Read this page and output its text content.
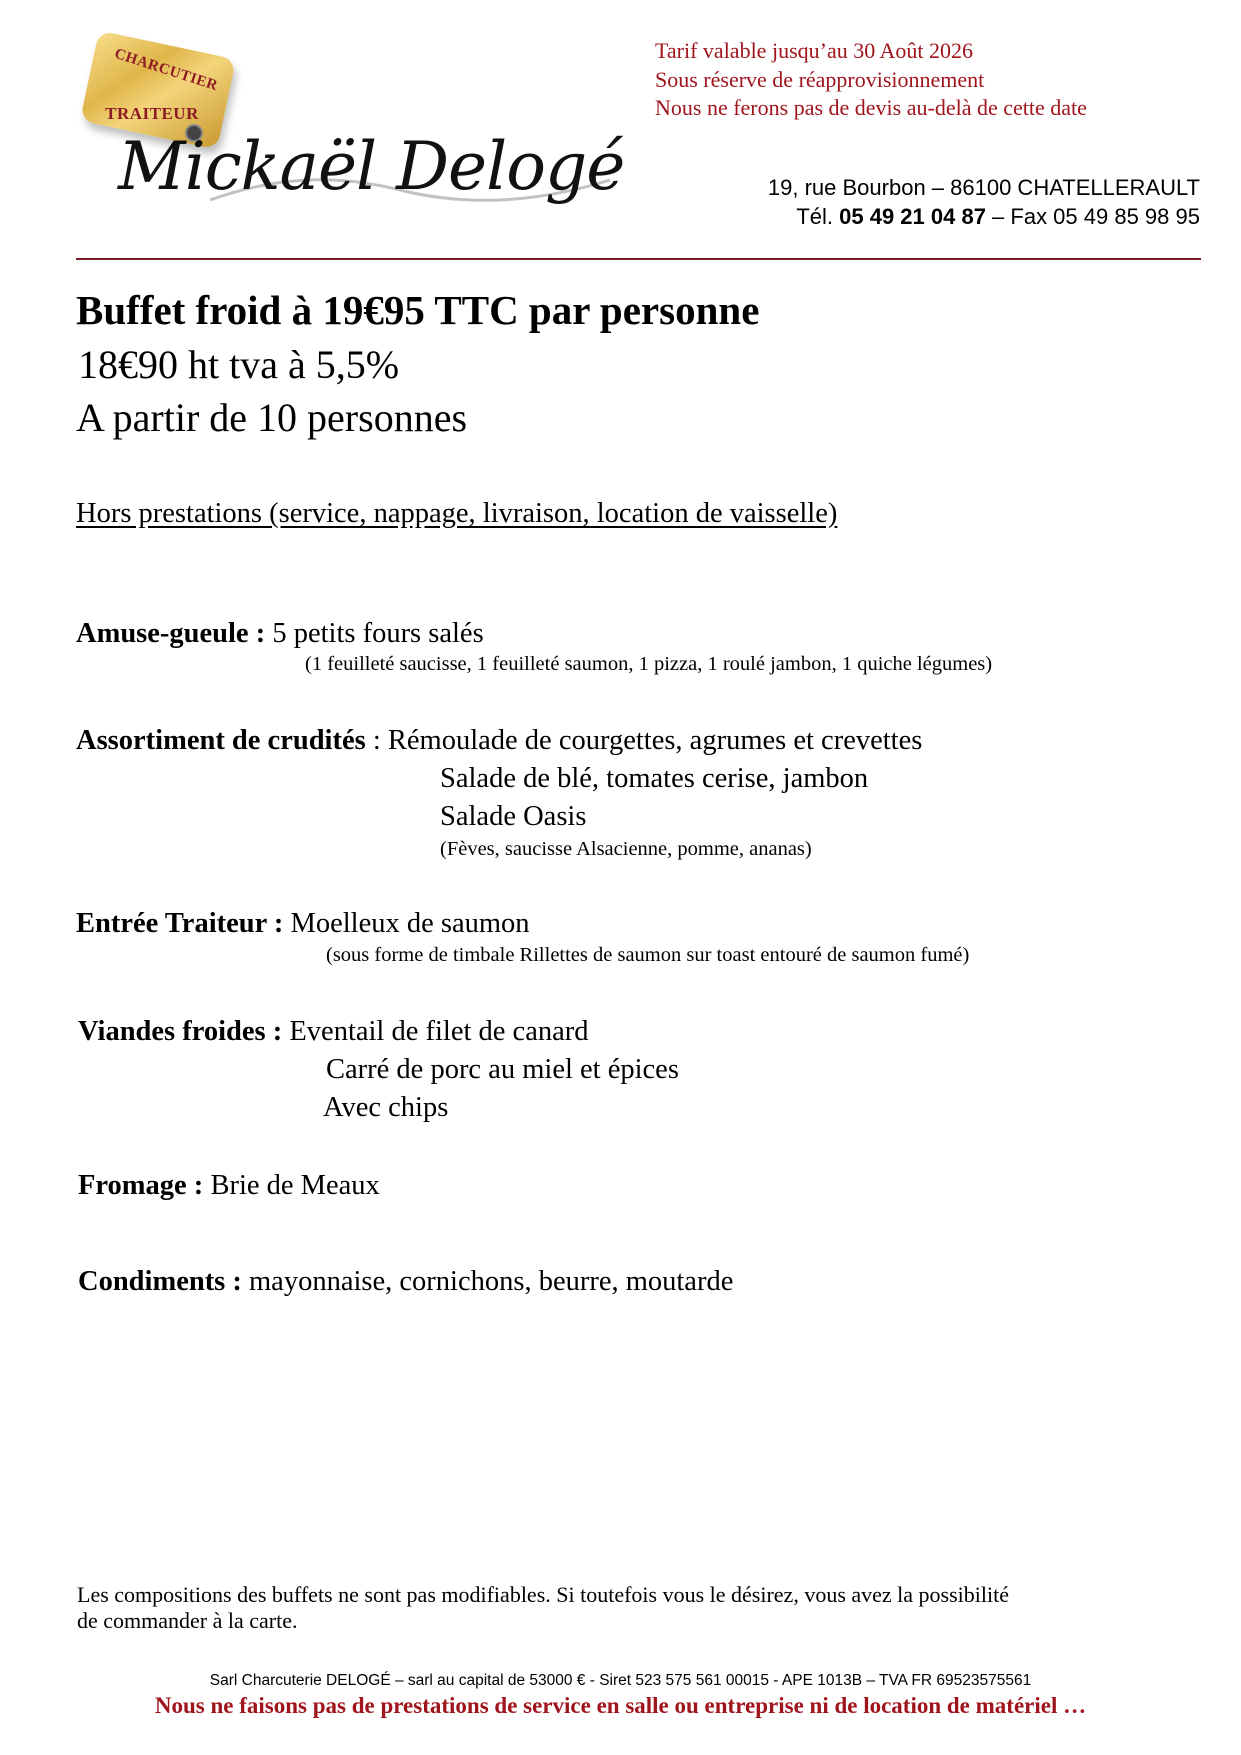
CHARCUTIER
TRAITEUR
Mickaël Delogé
Tarif valable jusqu’au 30 Août 2026
Sous réserve de réapprovisionnement
Nous ne ferons pas de devis au-delà de cette date
19, rue Bourbon – 86100 CHATELLERAULT
Tél. 05 49 21 04 87 – Fax 05 49 85 98 95
Buffet froid à 19€95 TTC par personne
18€90 ht tva à 5,5%
A partir de 10 personnes
Hors prestations (service, nappage, livraison, location de vaisselle)
Amuse-gueule : 5 petits fours salés
(1 feuilleté saucisse, 1 feuilleté saumon, 1 pizza, 1 roulé jambon, 1 quiche légumes)
Assortiment de crudités : Rémoulade de courgettes, agrumes et crevettes
Salade de blé, tomates cerise, jambon
Salade Oasis
(Fèves, saucisse Alsacienne, pomme, ananas)
Entrée Traiteur : Moelleux de saumon
(sous forme de timbale Rillettes de saumon sur toast entouré de saumon fumé)
Viandes froides : Eventail de filet de canard
Carré de porc au miel et épices
Avec chips
Fromage : Brie de Meaux
Condiments : mayonnaise, cornichons, beurre, moutarde
Les compositions des buffets ne sont pas modifiables. Si toutefois vous le désirez, vous avez la possibilité
de commander à la carte.
Sarl Charcuterie DELOGÉ – sarl au capital de 53000 € - Siret 523 575 561 00015 - APE 1013B – TVA FR 69523575561
Nous ne faisons pas de prestations de service en salle ou entreprise ni de location de matériel …
